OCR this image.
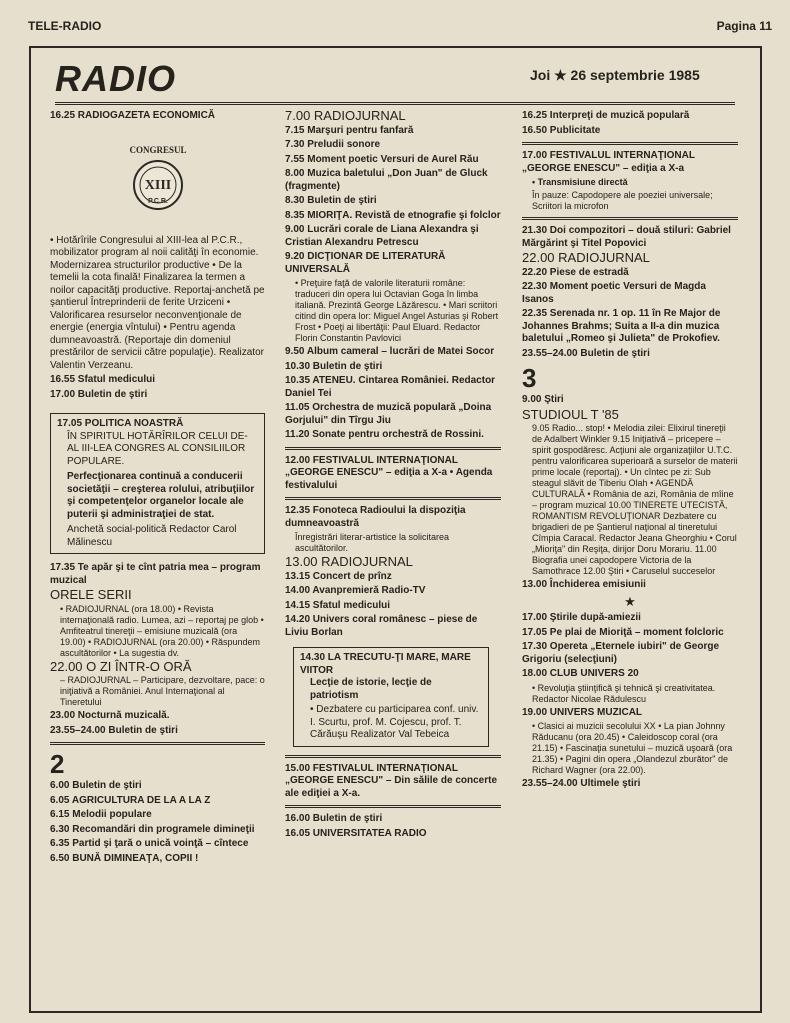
TELE-RADIO	Pagina 11
RADIO	Joi ★ 26 septembrie 1985
16.25 RADIOGAZETA ECONOMICĂ
XIII
P.C.R.
CONGRESUL
• Hotărîrile Congresului al XIII-lea al P.C.R., mobilizator program al noii calităţi în economie. Modernizarea structurilor productive • De la temelii la cota finală! Finalizarea la termen a noilor capacităţi productive. Reportaj-anchetă pe şantierul Întreprinderii de ferite Urziceni • Valorificarea resurselor neconvenţionale de energie (energia vîntului) • Pentru agenda dumneavoastră. (Reportaje din domeniul prestărilor de servicii către populaţie). Realizator Valentin Verzeanu.
16.55 Sfatul medicului
17.00 Buletin de ştiri
17.05 POLITICA NOASTRĂ
ÎN SPIRITUL HOTĂRÎRILOR CELUI DE-AL III-LEA CONGRES AL CONSILIILOR POPULARE.
Perfecţionarea continuă a conducerii societăţii – creşterea rolului, atribuţiilor şi competenţelor organelor locale ale puterii şi administraţiei de stat.
Anchetă social-politică Redactor Carol Mălinescu
17.35 Te apăr şi te cînt patria mea – program muzical
ORELE SERII
• RADIOJURNAL (ora 18.00) • Revista internaţională radio. Lumea, azi – reportaj pe glob • Amfiteatrul tinereţii – emisiune muzicală (ora 19.00) • RADIOJURNAL (ora 20.00) • Răspundem ascultătorilor • La sugestia dv.
22.00 O ZI ÎNTR-O ORĂ
– RADIOJURNAL – Participare, dezvoltare, pace: o iniţiativă a României. Anul Internaţional al Tineretului
23.00 Nocturnă muzicală.
23.55–24.00 Buletin de ştiri
2
6.00 Buletin de ştiri
6.05 AGRICULTURA DE LA A LA Z
6.15 Melodii populare
6.30 Recomandări din programele dimineţii
6.35 Partid şi ţară o unică voinţă – cîntece
6.50 BUNĂ DIMINEAŢA, COPII !
7.00 RADIOJURNAL
7.15 Marşuri pentru fanfară
7.30 Preludii sonore
7.55 Moment poetic Versuri de Aurel Rău
8.00 Muzica baletului „Don Juan" de Gluck (fragmente)
8.30 Buletin de ştiri
8.35 MIORIŢA. Revistă de etnografie şi folclor
9.00 Lucrări corale de Liana Alexandra şi Cristian Alexandru Petrescu
9.20 DICŢIONAR DE LITERATURĂ UNIVERSALĂ
• Preţuire faţă de valorile literaturii române: traduceri din opera lui Octavian Goga în limba italiană. Prezintă George Lăzărescu. • Mari scriitori citind din opera lor: Miguel Angel Asturias şi Robert Frost • Poeţi ai libertăţii: Paul Eluard. Redactor Florin Constantin Pavlovici
9.50 Album cameral – lucrări de Matei Socor
10.30 Buletin de ştiri
10.35 ATENEU. Cintarea României. Redactor Daniel Tei
11.05 Orchestra de muzică populară „Doina Gorjului" din Tîrgu Jiu
11.20 Sonate pentru orchestră de Rossini.
12.00 FESTIVALUL INTERNAŢIONAL „GEORGE ENESCU" – ediţia a X-a • Agenda festivalului
12.35 Fonoteca Radioului la dispoziţia dumneavoastră
Înregistrări literar-artistice la solicitarea ascultătorilor.
13.00 RADIOJURNAL
13.15 Concert de prînz
14.00 Avanpremieră Radio-TV
14.15 Sfatul medicului
14.20 Univers coral românesc – piese de Liviu Borlan
14.30 LA TRECUTU-ŢI MARE, MARE VIITOR
Lecţie de istorie, lecţie de patriotism
• Dezbatere cu participarea conf. univ. I. Scurtu, prof. M. Cojescu, prof. T. Cărăuşu Realizator Val Tebeica
15.00 FESTIVALUL INTERNAŢIONAL „GEORGE ENESCU" – Din sălile de concerte ale ediţiei a X-a.
16.00 Buletin de ştiri
16.05 UNIVERSITATEA RADIO
16.25 Interpreţi de muzică populară
16.50 Publicitate
17.00 FESTIVALUL INTERNAŢIONAL „GEORGE ENESCU" – ediţia a X-a
• Transmisiune directă
În pauze: Capodopere ale poeziei universale; Scriitori la microfon
21.30 Doi compozitori – două stiluri: Gabriel Mărgărint şi Titel Popovici
22.00 RADIOJURNAL
22.20 Piese de estradă
22.30 Moment poetic Versuri de Magda Isanos
22.35 Serenada nr. 1 op. 11 în Re Major de Johannes Brahms; Suita a II-a din muzica baletului „Romeo şi Julieta" de Prokofiev.
23.55–24.00 Buletin de ştiri
3
9.00 Ştiri
STUDIOUL T '85
9.05 Radio... stop! • Melodia zilei: Elixirul tinereţii de Adalbert Winkler 9.15 Iniţiativă – pricepere – spirit gospodăresc. Acţiuni ale organizaţiilor U.T.C. pentru valorificarea superioară a surselor de materii prime locale (reportaj). • Un cîntec pe zi: Sub steagul slăvit de Tiberiu Olah • AGENDĂ CULTURALĂ • România de azi, România de mîine – program muzical 10.00 TINERETE UTECISTĂ, ROMANTISM REVOLUŢIONAR Dezbatere cu brigadieri de pe Şantierul naţional al tineretului Cîmpia Caracal. Redactor Jeana Gheorghiu • Corul „Mioriţa" din Reşiţa, dirijor Doru Morariu. 11.00 Biografia unei capodopere Victoria de la Samothrace 12.00 Ştiri • Caruselul succeselor
13.00 Închiderea emisiunii
★
17.00 Ştirile după-amiezii
17.05 Pe plai de Mioriţă – moment folcloric
17.30 Opereta „Eternele iubiri" de George Grigoriu (selecţiuni)
18.00 CLUB UNIVERS 20
• Revoluţia ştiinţifică şi tehnică şi creativitatea. Redactor Nicolae Rădulescu
19.00 UNIVERS MUZICAL
• Clasici ai muzicii secolului XX • La pian Johnny Răducanu (ora 20.45) • Caleidoscop coral (ora 21.15) • Fascinaţia sunetului – muzică uşoară (ora 21.35) • Pagini din opera „Olandezul zburător" de Richard Wagner (ora 22.00).
23.55–24.00 Ultimele ştiri
